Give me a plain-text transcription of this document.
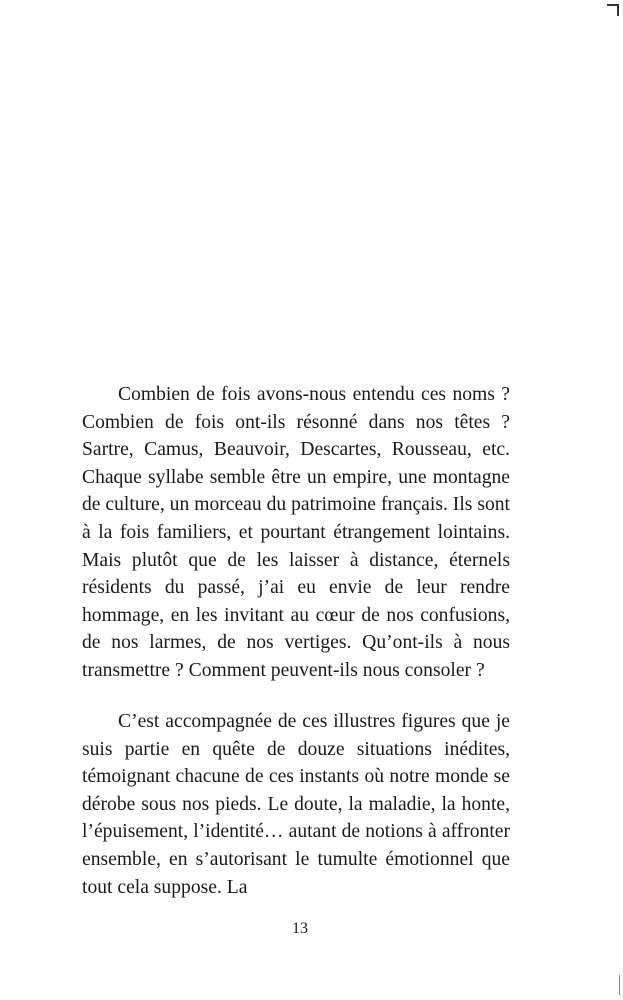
Combien de fois avons-nous entendu ces noms ? Combien de fois ont-ils résonné dans nos têtes ? Sartre, Camus, Beauvoir, Descartes, Rousseau, etc. Chaque syllabe semble être un empire, une montagne de culture, un morceau du patrimoine français. Ils sont à la fois familiers, et pourtant étrangement lointains. Mais plutôt que de les laisser à distance, éternels résidents du passé, j’ai eu envie de leur rendre hommage, en les invitant au cœur de nos confusions, de nos larmes, de nos vertiges. Qu’ont-ils à nous transmettre ? Comment peuvent-ils nous consoler ?

C’est accompagnée de ces illustres figures que je suis partie en quête de douze situations inédites, témoignant chacune de ces instants où notre monde se dérobe sous nos pieds. Le doute, la maladie, la honte, l’épuisement, l’identité… autant de notions à affronter ensemble, en s’autorisant le tumulte émotionnel que tout cela suppose. La

13
